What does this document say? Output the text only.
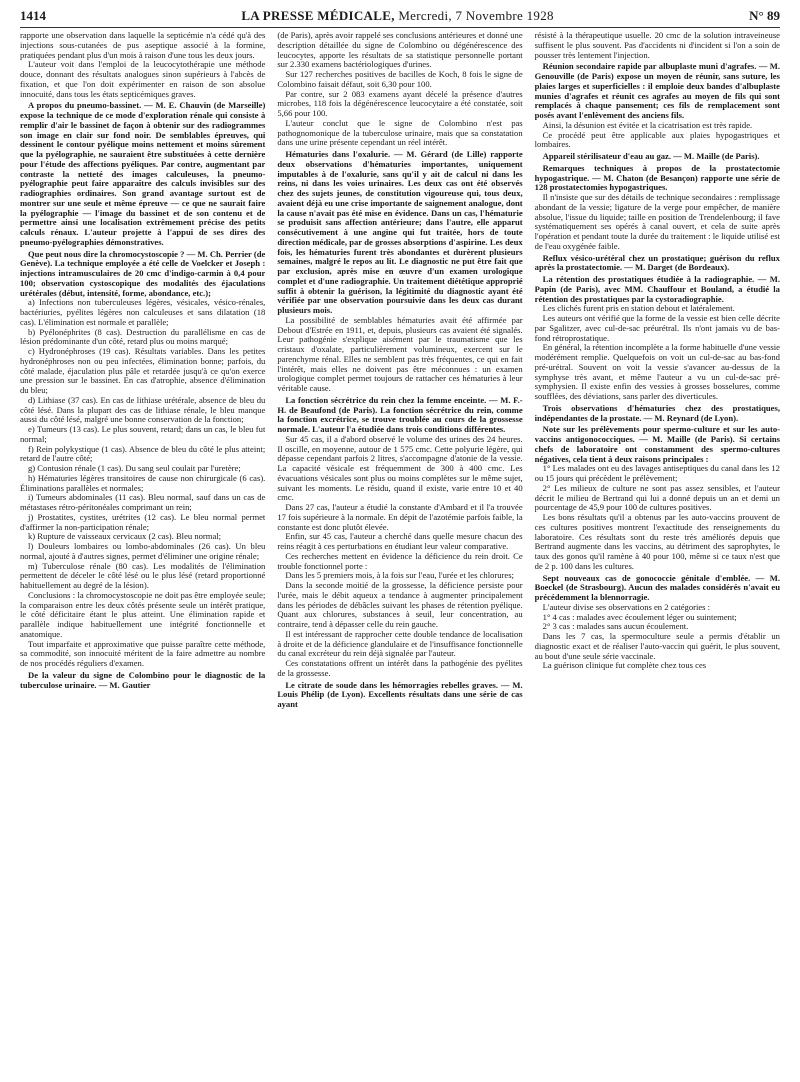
1414	LA PRESSE MÉDICALE, Mercredi, 7 Novembre 1928	N° 89

rapporte une observation dans laquelle la septicémie n'a cédé qu'à des injections sous-cutanées de pus aseptique associé à la formine, pratiquées pendant plus d'un mois à raison d'une tous les deux jours.

L'auteur voit dans l'emploi de la leucocytothérapie une méthode douce, donnant des résultats analogues sinon supérieurs à l'abcès de fixation, et que l'on doit expérimenter en raison de son absolue innocuité, dans tous les états septicémiques graves.

A propos du pneumo-bassinet. — M. E. Chauvin (de Marseille) expose la technique de ce mode d'exploration rénale qui consiste à remplir d'air le bassinet de façon à obtenir sur des radiogrammes son image en clair sur fond noir. De semblables épreuves, qui dessinent le contour pyélique moins nettement et moins sûrement que la pyélographie, ne sauraient être substituées à cette dernière pour l'étude des affections pyéliques. Par contre, augmentant par contraste la netteté des images calculeuses, la pneumo-pyélographie peut faire apparaître des calculs invisibles sur des radiographies ordinaires. Son grand avantage surtout est de montrer sur une seule et même épreuve — ce que ne saurait faire la pyélographie — l'image du bassinet et de son contenu et de permettre ainsi une localisation extrêmement précise des petits calculs rénaux. L'auteur projette à l'appui de ses dires des pneumo-pyélographies démonstratives.

Que peut nous dire la chromocystoscopie ? — M. Ch. Perrier (de Genève). La technique employée a été celle de Voelcker et Joseph : injections intramusculaires de 20 cmc d'indigo-carmin à 0,4 pour 100; observation cystoscopique des modalités des éjaculations urétérales (début, intensité, forme, abondance, etc.);

a) Infections non tuberculeuses légères, vésicales, vésico-rénales, bactériuries, pyélites légères non calculeuses et sans dilatation (18 cas). L'élimination est normale et parallèle;

b) Pyélonéphrites (8 cas). Destruction du parallélisme en cas de lésion prédominante d'un côté, retard plus ou moins marqué;

c) Hydronéphroses (19 cas). Résultats variables. Dans les petites hydronéphroses non ou peu infectées, élimination bonne; parfois, du côté malade, éjaculation plus pâle et retardée jusqu'à ce qu'on exerce une pression sur le bassinet. En cas d'atrophie, absence d'élimination du bleu;

d) Lithiase (37 cas). En cas de lithiase urétérale, absence de bleu du côté lésé. Dans la plupart des cas de lithiase rénale, le bleu manque aussi du côté lésé, malgré une bonne conservation de la fonction;

e) Tumeurs (13 cas). Le plus souvent, retard; dans un cas, le bleu fut normal;

f) Rein polykystique (1 cas). Absence de bleu du côté le plus atteint; retard de l'autre côté;

g) Contusion rénale (1 cas). Du sang seul coulait par l'uretère;

h) Hématuries légères transitoires de cause non chirurgicale (6 cas). Éliminations parallèles et normales;

i) Tumeurs abdominales (11 cas). Bleu normal, sauf dans un cas de métastases rétro-péritonéales comprimant un rein;

j) Prostatites, cystites, urétrites (12 cas). Le bleu normal permet d'affirmer la non-participation rénale;

k) Rupture de vaisseaux cervicaux (2 cas). Bleu normal;

l) Douleurs lombaires ou lombo-abdominales (26 cas). Un bleu normal, ajouté à d'autres signes, permet d'éliminer une origine rénale;

m) Tuberculose rénale (80 cas). Les modalités de l'élimination permettent de déceler le côté lésé ou le plus lésé (retard proportionné habituellement au degré de la lésion).

Conclusions : la chromocystoscopie ne doit pas être employée seule; la comparaison entre les deux côtés présente seule un intérêt pratique, le côté déficitaire étant le plus atteint. Une élimination rapide et parallèle indique habituellement une intégrité fonctionnelle et anatomique.

Tout imparfaite et approximative que puisse paraître cette méthode, sa commodité, son innocuité méritent de la faire admettre au nombre de nos procédés réguliers d'examen.

De la valeur du signe de Colombino pour le diagnostic de la tuberculose urinaire. — M. Gautier

(de Paris), après avoir rappelé ses conclusions antérieures et donné une description détaillée du signe de Colombino ou dégénérescence des leucocytes, apporte les résultats de sa statistique personnelle portant sur 2.330 examens bactériologiques d'urines.

Sur 127 recherches positives de bacilles de Koch, 8 fois le signe de Colombino faisait défaut, soit 6,30 pour 100.

Par contre, sur 2 083 examens ayant décelé la présence d'autres microbes, 118 fois la dégénérescence leucocytaire a été constatée, soit 5,66 pour 100.

L'auteur conclut que le signe de Colombino n'est pas pathognomonique de la tuberculose urinaire, mais que sa constatation dans une urine présente cependant un réel intérêt.

Hématuries dans l'oxalurie. — M. Gérard (de Lille) rapporte deux observations d'hématuries importantes, uniquement imputables à de l'oxalurie, sans qu'il y ait de calcul ni dans les reins, ni dans les voies urinaires. Les deux cas ont été observés chez des sujets jeunes, de constitution vigoureuse qui, tous deux, avaient déjà eu une crise importante de saignement analogue, dont la cause n'avait pas été mise en évidence. Dans un cas, l'hématurie se produisit sans affection antérieure; dans l'autre, elle apparut consécutivement à une angine qui fut traitée, hors de toute direction médicale, par de grosses absorptions d'aspirine. Les deux fois, les hématuries furent très abondantes et durèrent plusieurs semaines, malgré le repos au lit. Le diagnostic ne put être fait que par exclusion, après mise en œuvre d'un examen urologique complet et d'une radiographie. Un traitement diététique approprié suffit à obtenir la guérison, la légitimité du diagnostic ayant été vérifiée par une observation poursuivie dans les deux cas durant plusieurs mois.

La possibilité de semblables hématuries avait été affirmée par Debout d'Estrée en 1911, et, depuis, plusieurs cas avaient été signalés. Leur pathogénie s'explique aisément par le traumatisme que les cristaux d'oxalate, particulièrement volumineux, exercent sur le parenchyme rénal. Elles ne semblent pas très fréquentes, ce qui en fait l'intérêt, mais elles ne doivent pas être méconnues : un examen urologique complet permet toujours de rattacher ces hématuries à leur véritable cause.

La fonction sécrétrice du rein chez la femme enceinte. — M. F.-H. de Beaufond (de Paris). La fonction sécrétrice du rein, comme la fonction excrétrice, se trouve troublée au cours de la grossesse normale. L'auteur l'a étudiée dans trois conditions différentes.

Sur 45 cas, il a d'abord observé le volume des urines des 24 heures. Il oscille, en moyenne, autour de 1 575 cmc. Cette polyurie légère, qui dépasse cependant parfois 2 litres, s'accompagne d'atonie de la vessie. La capacité vésicale est fréquemment de 300 à 400 cmc. Les évacuations vésicales sont plus ou moins complètes sur le même sujet, suivant les moments. Le résidu, quand il existe, varie entre 10 et 40 cmc.

Dans 27 cas, l'auteur a étudié la constante d'Ambard et il l'a trouvée 17 fois supérieure à la normale. En dépit de l'azotémie parfois faible, la constante est donc plutôt élevée.

Enfin, sur 45 cas, l'auteur a cherché dans quelle mesure chacun des reins réagit à ces perturbations en étudiant leur valeur comparative.

Ces recherches mettent en évidence la déficience du rein droit. Ce trouble fonctionnel porte :

Dans les 5 premiers mois, à la fois sur l'eau, l'urée et les chlorures;

Dans la seconde moitié de la grossesse, la déficience persiste pour l'urée, mais le débit aqueux a tendance à augmenter principalement dans les périodes de débâcles suivant les phases de rétention pyélique. Quant aux chlorures, substances à seuil, leur concentration, au contraire, tend à dépasser celle du rein gauche.

Il est intéressant de rapprocher cette double tendance de localisation à droite et de la déficience glandulaire et de l'insuffisance fonctionnelle du canal excréteur du rein déjà signalée par l'auteur.

Ces constatations offrent un intérêt dans la pathogénie des pyélites de la grossesse.

Le citrate de soude dans les hémorragies rebelles graves. — M. Louis Phélip (de Lyon). Excellents résultats dans une série de cas ayant

résisté à la thérapeutique usuelle. 20 cmc de la solution intraveineuse suffisent le plus souvent. Pas d'accidents ni d'incident si l'on a soin de pousser très lentement l'injection.

Réunion secondaire rapide par albuplaste muni d'agrafes. — M. Genouville (de Paris) expose un moyen de réunir, sans suture, les plaies larges et superficielles : il emploie deux bandes d'albuplaste munies d'agrafes et réunit ces agrafes au moyen de fils qui sont remplacés à chaque pansement; ces fils de remplacement sont posés avant l'enlèvement des anciens fils.

Ainsi, la désunion est évitée et la cicatrisation est très rapide.

Ce procédé peut être applicable aux plaies hypogastriques et lombaires.

Appareil stérilisateur d'eau au gaz. — M. Maille (de Paris).

Remarques techniques à propos de la prostatectomie hypogastrique. — M. Chaton (de Besançon) rapporte une série de 128 prostatectomies hypogastriques.

Il n'insiste que sur des détails de technique secondaires : remplissage abondant de la vessie; ligature de la verge pour empêcher, de manière absolue, l'issue du liquide; taille en position de Trendelenbourg; il fave systématiquement ses opérés à canal ouvert, et cela de suite après l'opération et pendant toute la durée du traitement : le liquide utilisé est de l'eau oxygénée faible.

Reflux vésico-urétéral chez un prostatique; guérison du reflux après la prostatectomie. — M. Darget (de Bordeaux).

La rétention des prostatiques étudiée à la radiographie. — M. Papin (de Paris), avec MM. Chauffour et Bouland, a étudié la rétention des prostatiques par la cystoradiographie.

Les clichés furent pris en station debout et latéralement.

Les auteurs ont vérifié que la forme de la vessie est bien celle décrite par Sgalitzer, avec cul-de-sac préurétral. Ils n'ont jamais vu de bas-fond rétroprostatique.

En général, la rétention incomplète a la forme habituelle d'une vessie modérément remplie. Quelquefois on voit un cul-de-sac au bas-fond pré-urétral. Souvent on voit la vessie s'avancer au-dessus de la symphyse très avant, et même l'auteur a vu un cul-de-sac pré-symphysien. Il existe enfin des vessies à grosses bosselures, comme soufflées, des déviations, sans parler des diverticules.

Trois observations d'hématuries chez des prostatiques, indépendantes de la prostate. — M. Reynard (de Lyon).

Note sur les prélèvements pour spermo-culture et sur les auto-vaccins antigonococciques. — M. Maille (de Paris). Si certains chefs de laboratoire ont constamment des spermo-cultures négatives, cela tient à deux raisons principales :

1° Les malades ont eu des lavages antiseptiques du canal dans les 12 ou 15 jours qui précèdent le prélèvement;

2° Les milieux de culture ne sont pas assez sensibles, et l'auteur décrit le milieu de Bertrand qui lui a donné depuis un an et demi un pourcentage de 45,9 pour 100 de cultures positives.

Les bons résultats qu'il a obtenus par les auto-vaccins prouvent de ces cultures positives montrent l'exactitude des renseignements du laboratoire. Ces résultats sont du reste très améliorés depuis que Bertrand augmente dans les vaccins, au détriment des saprophytes, le taux des gonos qu'il ramène à 40 pour 100, même si ce taux n'est que de 2 p. 100 dans les cultures.

Sept nouveaux cas de gonococcie génitale d'emblée. — M. Boeckel (de Strasbourg). Aucun des malades considérés n'avait eu précédemment la blennorragie.

L'auteur divise ses observations en 2 catégories :

1° 4 cas : malades avec écoulement léger ou suintement;

2° 3 cas : malades sans aucun écoulement.

Dans les 7 cas, la spermoculture seule a permis d'établir un diagnostic exact et de réaliser l'auto-vaccin qui guérit, le plus souvent, au bout d'une seule série vaccinale.

La guérison clinique fut complète chez tous ces
